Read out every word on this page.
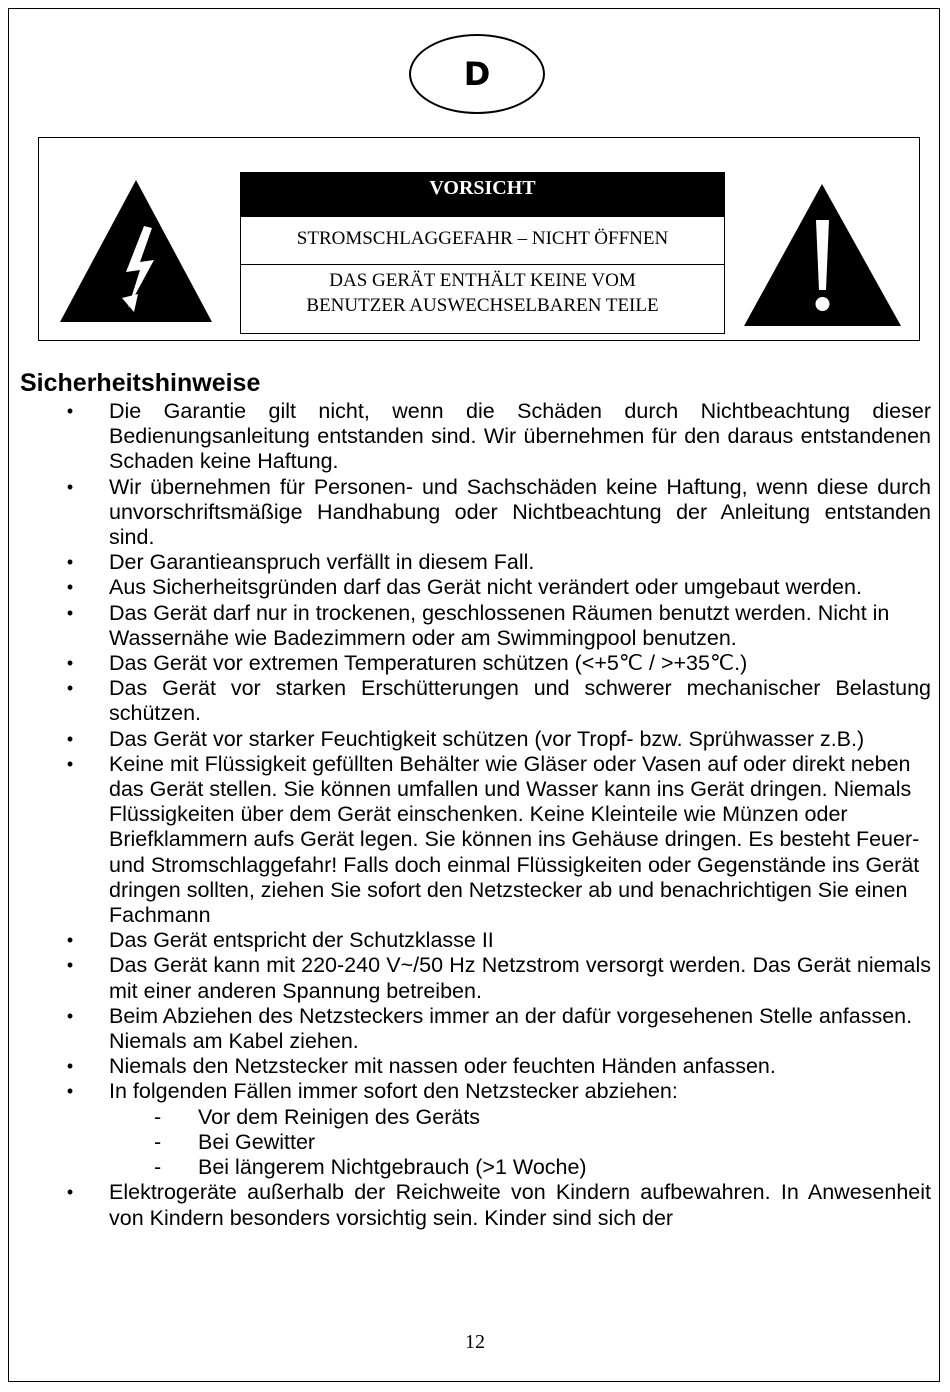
D
VORSICHT
STROMSCHLAGGEFAHR – NICHT ÖFFNEN
DAS GERÄT ENTHÄLT KEINE VOM
BENUTZER AUSWECHSELBAREN TEILE
Sicherheitshinweise
• Die Garantie gilt nicht, wenn die Schäden durch Nichtbeachtung dieser Bedienungsanleitung entstanden sind. Wir übernehmen für den daraus entstandenen Schaden keine Haftung.
• Wir übernehmen für Personen- und Sachschäden keine Haftung, wenn diese durch unvorschriftsmäßige Handhabung oder Nichtbeachtung der Anleitung entstanden sind.
• Der Garantieanspruch verfällt in diesem Fall.
• Aus Sicherheitsgründen darf das Gerät nicht verändert oder umgebaut werden.
• Das Gerät darf nur in trockenen, geschlossenen Räumen benutzt werden. Nicht in Wassernähe wie Badezimmern oder am Swimmingpool benutzen.
• Das Gerät vor extremen Temperaturen schützen (<+5℃ / >+35℃.)
• Das Gerät vor starken Erschütterungen und schwerer mechanischer Belastung schützen.
• Das Gerät vor starker Feuchtigkeit schützen (vor Tropf- bzw. Sprühwasser z.B.)
• Keine mit Flüssigkeit gefüllten Behälter wie Gläser oder Vasen auf oder direkt neben das Gerät stellen. Sie können umfallen und Wasser kann ins Gerät dringen. Niemals Flüssigkeiten über dem Gerät einschenken. Keine Kleinteile wie Münzen oder Briefklammern aufs Gerät legen. Sie können ins Gehäuse dringen. Es besteht Feuer- und Stromschlaggefahr! Falls doch einmal Flüssigkeiten oder Gegenstände ins Gerät dringen sollten, ziehen Sie sofort den Netzstecker ab und benachrichtigen Sie einen Fachmann
• Das Gerät entspricht der Schutzklasse II
• Das Gerät kann mit 220-240 V~/50 Hz Netzstrom versorgt werden. Das Gerät niemals mit einer anderen Spannung betreiben.
• Beim Abziehen des Netzsteckers immer an der dafür vorgesehenen Stelle anfassen. Niemals am Kabel ziehen.
• Niemals den Netzstecker mit nassen oder feuchten Händen anfassen.
• In folgenden Fällen immer sofort den Netzstecker abziehen:
- Vor dem Reinigen des Geräts
- Bei Gewitter
- Bei längerem Nichtgebrauch (>1 Woche)
• Elektrogeräte außerhalb der Reichweite von Kindern aufbewahren. In Anwesenheit von Kindern besonders vorsichtig sein. Kinder sind sich der
12
